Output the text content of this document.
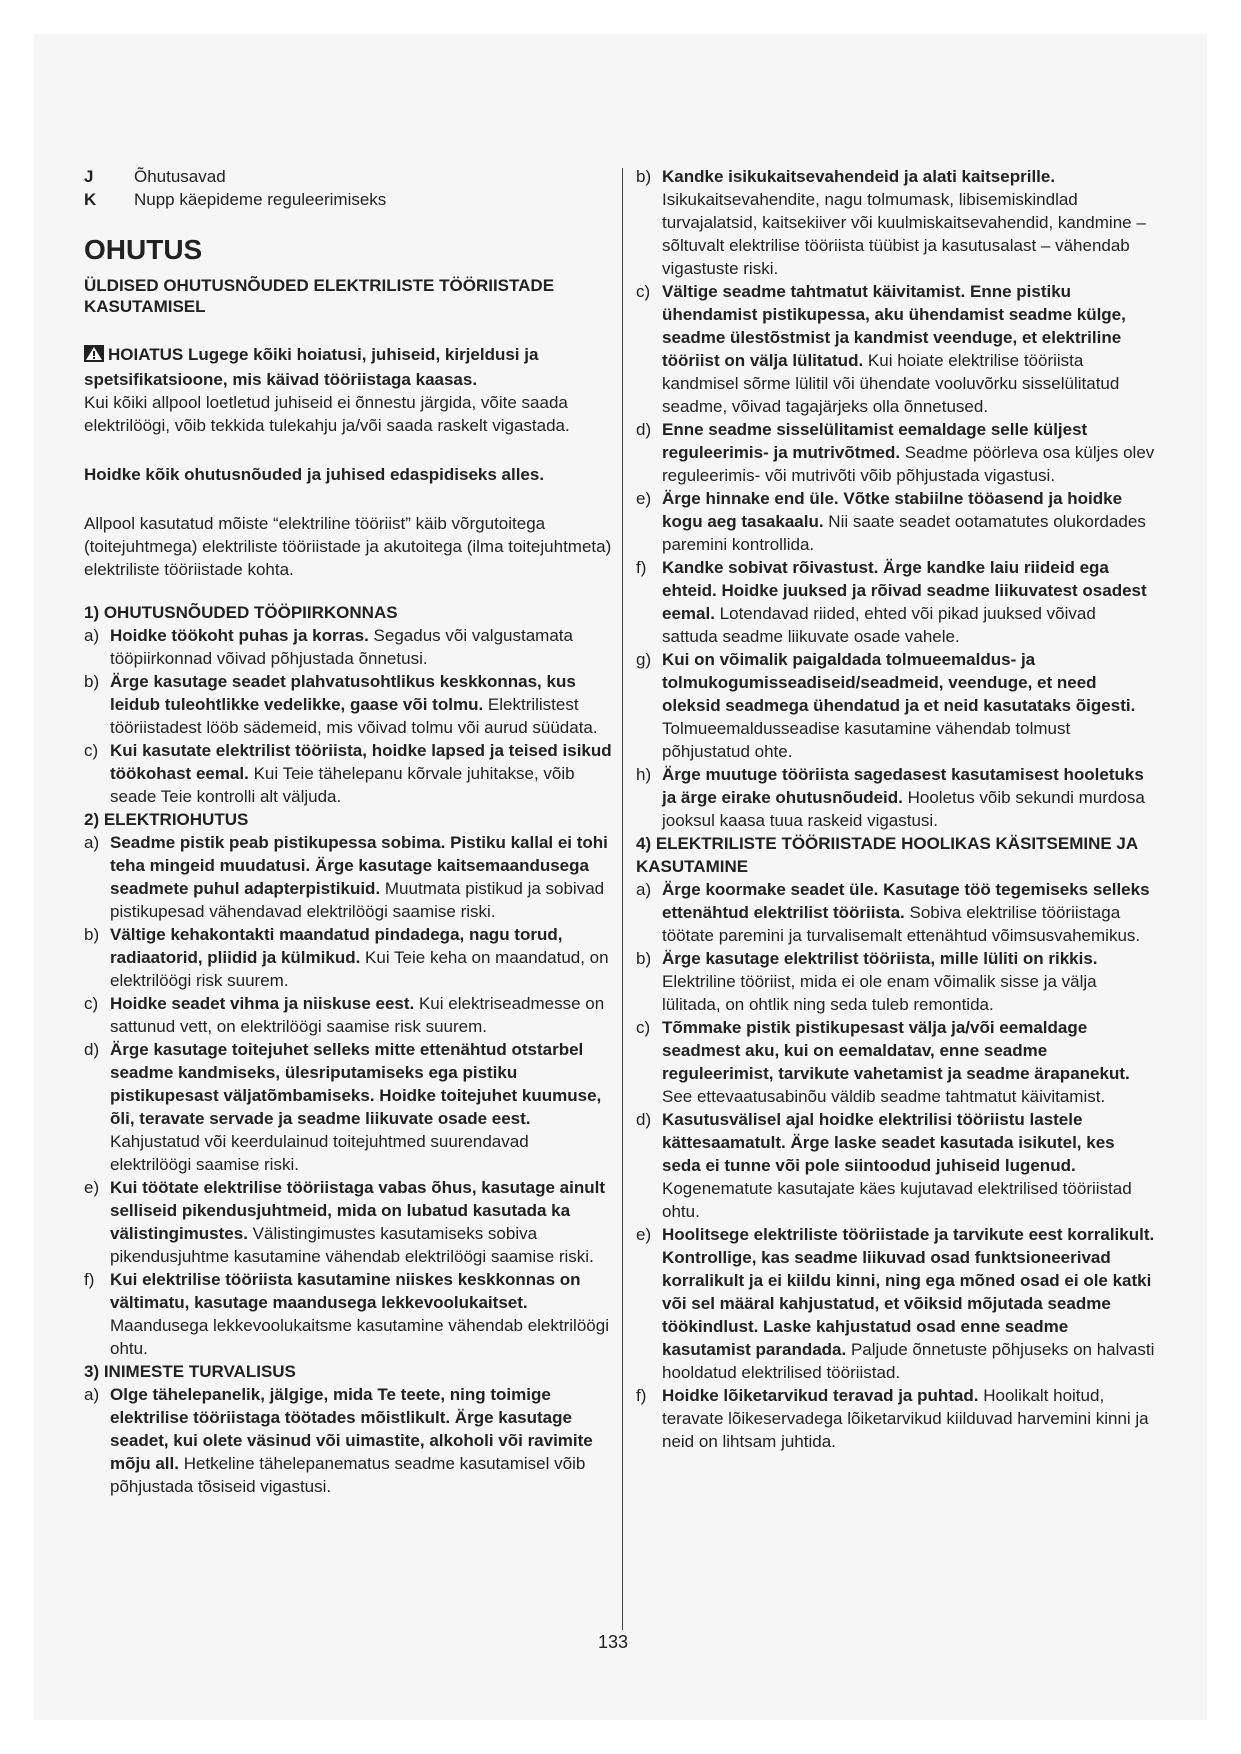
J	Õhutusavad
K	Nupp käepideme reguleerimiseks
OHUTUS
ÜLDISED OHUTUSNÕUDED ELEKTRILISTE TÖÖRIISTADE KASUTAMISEL

HOIATUS Lugege kõiki hoiatusi, juhiseid, kirjeldusi ja spetsifikatsioone, mis käivad tööriistaga kaasas.
Kui kõiki allpool loetletud juhiseid ei õnnestu järgida, võite saada elektrilöögi, võib tekkida tulekahju ja/või saada raskelt vigastada.

Hoidke kõik ohutusnõuded ja juhised edaspidiseks alles.

Allpool kasutatud mõiste “elektriline tööriist” käib võrgutoitega (toitejuhtmega) elektriliste tööriistade ja akutoitega (ilma toitejuhtmeta) elektriliste tööriistade kohta.

1) OHUTUSNÕUDED TÖÖPIIRKONNAS

a) Hoidke töökoht puhas ja korras. Segadus või valgustamata tööpiirkonnad võivad põhjustada õnnetusi.
b) Ärge kasutage seadet plahvatusohtlikus keskkonnas, kus leidub tuleohtlikke vedelikke, gaase või tolmu. Elektrilistest tööriistadest lööb sädemeid, mis võivad tolmu või aurud süüdata.
c) Kui kasutate elektrilist tööriista, hoidke lapsed ja teised isikud töökohast eemal. Kui Teie tähelepanu kõrvale juhitakse, võib seade Teie kontrolli alt väljuda.

2) ELEKTRIOHUTUS

a) Seadme pistik peab pistikupessa sobima. Pistiku kallal ei tohi teha mingeid muudatusi. Ärge kasutage kaitsemaandusega seadmete puhul adapterpistikuid. Muutmata pistikud ja sobivad pistikupesad vähendavad elektrilöögi saamise riski.
b) Vältige kehakontakti maandatud pindadega, nagu torud, radiaatorid, pliidid ja külmikud. Kui Teie keha on maandatud, on elektrilöögi risk suurem.
c) Hoidke seadet vihma ja niiskuse eest. Kui elektriseadmesse on sattunud vett, on elektrilöögi saamise risk suurem.
d) Ärge kasutage toitejuhet selleks mitte ettenähtud otstarbel seadme kandmiseks, ülesriputamiseks ega pistiku pistikupesast väljatõmbamiseks. Hoidke toitejuhet kuumuse, õli, teravate servade ja seadme liikuvate osade eest. Kahjustatud või keerdulainud toitejuhtmed suurendavad elektrilöögi saamise riski.
e) Kui töötate elektrilise tööriistaga vabas õhus, kasutage ainult selliseid pikendusjuhtmeid, mida on lubatud kasutada ka välistingimustes. Välistingimustes kasutamiseks sobiva pikendusjuhtme kasutamine vähendab elektrilöögi saamise riski.
f) Kui elektrilise tööriista kasutamine niiskes keskkonnas on vältimatu, kasutage maandusega lekkevoolukaitset. Maandusega lekkevoolukaitsme kasutamine vähendab elektrilöögi ohtu.

3) INIMESTE TURVALISUS

a) Olge tähelepanelik, jälgige, mida Te teete, ning toimige elektrilise tööriistaga töötades mõistlikult. Ärge kasutage seadet, kui olete väsinud või uimastite, alkoholi või ravimite mõju all. Hetkeline tähelepanematus seadme kasutamisel võib põhjustada tõsiseid vigastusi.
b) Kandke isikukaitsevahendeid ja alati kaitseprille. Isikukaitsevahendite, nagu tolmumask, libisemiskindlad turvajalatsid, kaitsekiiver või kuulmiskaitsevahendid, kandmine – sõltuvalt elektrilise tööriista tüübist ja kasutusalast – vähendab vigastuste riski.
c) Vältige seadme tahtmatut käivitamist. Enne pistiku ühendamist pistikupessa, aku ühendamist seadme külge, seadme ülestõstmist ja kandmist veenduge, et elektriline tööriist on välja lülitatud. Kui hoiate elektrilise tööriista kandmisel sõrme lülitil või ühendate vooluvõrku sisselülitatud seadme, võivad tagajärjeks olla õnnetused.
d) Enne seadme sisselülitamist eemaldage selle küljest reguleerimis- ja mutrivõtmed. Seadme pöörleva osa küljes olev reguleerimis- või mutrivõti võib põhjustada vigastusi.
e) Ärge hinnake end üle. Võtke stabiilne tööasend ja hoidke kogu aeg tasakaalu. Nii saate seadet ootamatutes olukordades paremini kontrollida.
f) Kandke sobivat rõivastust. Ärge kandke laiu riideid ega ehteid. Hoidke juuksed ja rõivad seadme liikuvatest osadest eemal. Lotendavad riided, ehted või pikad juuksed võivad sattuda seadme liikuvate osade vahele.
g) Kui on võimalik paigaldada tolmueemaldus- ja tolmukogumisseadiseid/seadmeid, veenduge, et need oleksid seadmega ühendatud ja et neid kasutataks õigesti. Tolmueemaldusseadise kasutamine vähendab tolmust põhjustatud ohte.
h) Ärge muutuge tööriista sagedasest kasutamisest hooletuks ja ärge eirake ohutusnõudeid. Hooletus võib sekundi murdosa jooksul kaasa tuua raskeid vigastusi.

4) ELEKTRILISTE TÖÖRIISTADE HOOLIKAS KÄSITSEMINE JA KASUTAMINE

a) Ärge koormake seadet üle. Kasutage töö tegemiseks selleks ettenähtud elektrilist tööriista. Sobiva elektrilise tööriistaga töötate paremini ja turvalisemalt ettenähtud võimsusvahemikus.
b) Ärge kasutage elektrilist tööriista, mille lüliti on rikkis. Elektriline tööriist, mida ei ole enam võimalik sisse ja välja lülitada, on ohtlik ning seda tuleb remontida.
c) Tõmmake pistik pistikupesast välja ja/või eemaldage seadmest aku, kui on eemaldatav, enne seadme reguleerimist, tarvikute vahetamist ja seadme ärapanekut. See ettevaatusabinõu väldib seadme tahtmatut käivitamist.
d) Kasutusvälisel ajal hoidke elektrilisi tööriistu lastele kättesaamatult. Ärge laske seadet kasutada isikutel, kes seda ei tunne või pole siintoodud juhiseid lugenud. Kogenematute kasutajate käes kujutavad elektrilised tööriistad ohtu.
e) Hoolitsege elektriliste tööriistade ja tarvikute eest korralikult. Kontrollige, kas seadme liikuvad osad funktsioneerivad korralikult ja ei kiildu kinni, ning ega mõned osad ei ole katki või sel määral kahjustatud, et võiksid mõjutada seadme töökindlust. Laske kahjustatud osad enne seadme kasutamist parandada. Paljude õnnetuste põhjuseks on halvasti hooldatud elektrilised tööriistad.
f) Hoidke lõiketarvikud teravad ja puhtad. Hoolikalt hoitud, teravate lõikeservadega lõiketarvikud kiilduvad harvemini kinni ja neid on lihtsam juhtida.
133
